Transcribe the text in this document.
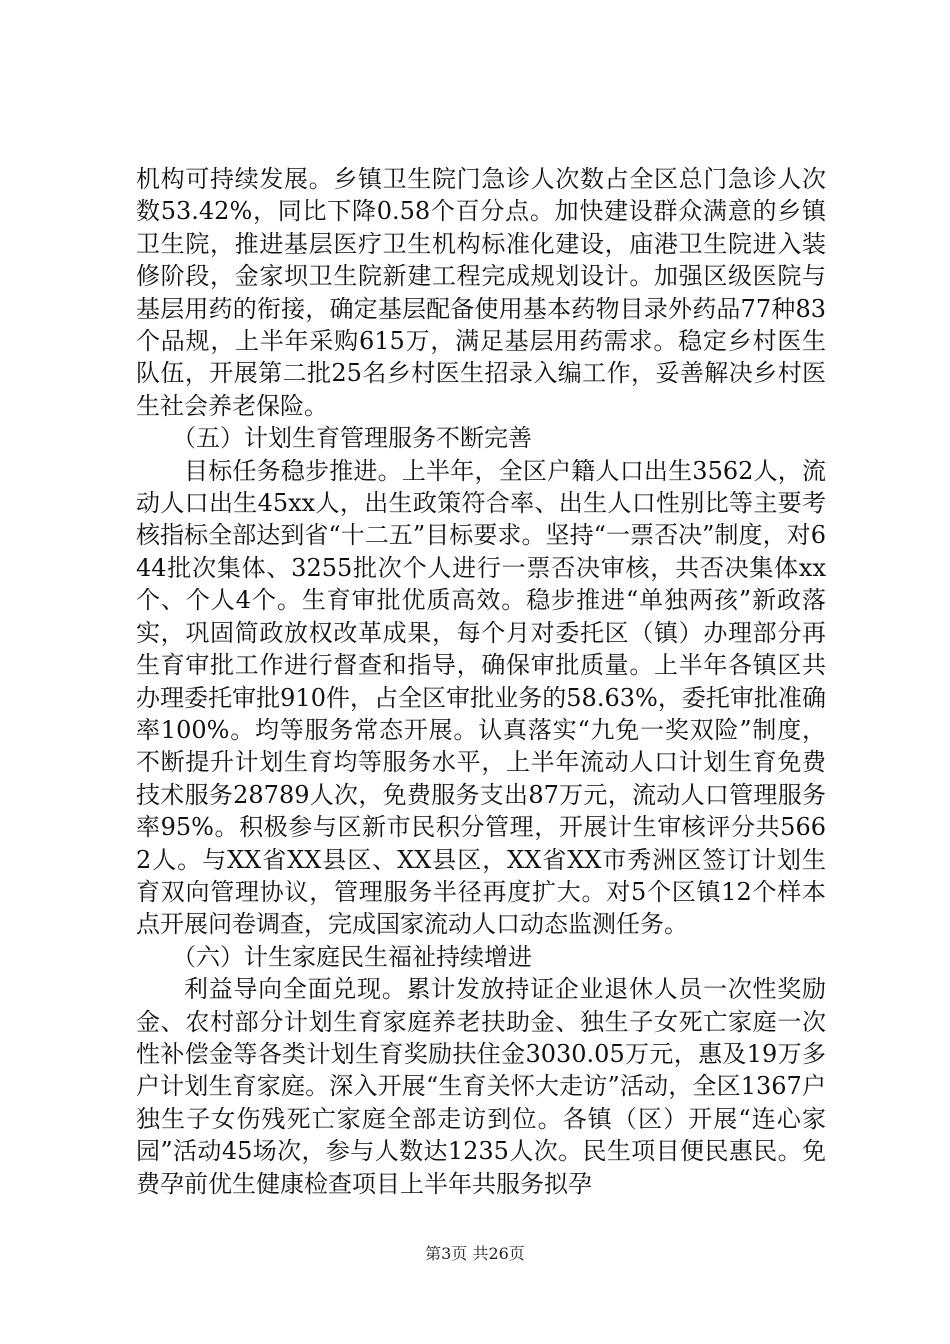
机构可持续发展。乡镇卫生院门急诊人次数占全区总门急诊人次数53.42%，同比下降0.58个百分点。加快建设群众满意的乡镇卫生院，推进基层医疗卫生机构标准化建设，庙港卫生院进入装修阶段，金家坝卫生院新建工程完成规划设计。加强区级医院与基层用药的衔接，确定基层配备使用基本药物目录外药品77种83个品规，上半年采购615万，满足基层用药需求。稳定乡村医生队伍，开展第二批25名乡村医生招录入编工作，妥善解决乡村医生社会养老保险。

（五）计划生育管理服务不断完善

目标任务稳步推进。上半年，全区户籍人口出生3562人，流动人口出生45xx人，出生政策符合率、出生人口性别比等主要考核指标全部达到省“十二五”目标要求。坚持“一票否决”制度，对644批次集体、3255批次个人进行一票否决审核，共否决集体xx个、个人4个。生育审批优质高效。稳步推进“单独两孩”新政落实，巩固简政放权改革成果，每个月对委托区（镇）办理部分再生育审批工作进行督查和指导，确保审批质量。上半年各镇区共办理委托审批910件，占全区审批业务的58.63%，委托审批准确率100%。均等服务常态开展。认真落实“九免一奖双险”制度，不断提升计划生育均等服务水平，上半年流动人口计划生育免费技术服务28789人次，免费服务支出87万元，流动人口管理服务率95%。积极参与区新市民积分管理，开展计生审核评分共5662人。与XX省XX县区、XX县区，XX省XX市秀洲区签订计划生育双向管理协议，管理服务半径再度扩大。对5个区镇12个样本点开展问卷调查，完成国家流动人口动态监测任务。

（六）计生家庭民生福祉持续增进

利益导向全面兑现。累计发放持证企业退休人员一次性奖励金、农村部分计划生育家庭养老扶助金、独生子女死亡家庭一次性补偿金等各类计划生育奖励扶住金3030.05万元，惠及19万多户计划生育家庭。深入开展“生育关怀大走访”活动，全区1367户独生子女伤残死亡家庭全部走访到位。各镇（区）开展“连心家园”活动45场次，参与人数达1235人次。民生项目便民惠民。免费孕前优生健康检查项目上半年共服务拟孕

第3页 共26页
